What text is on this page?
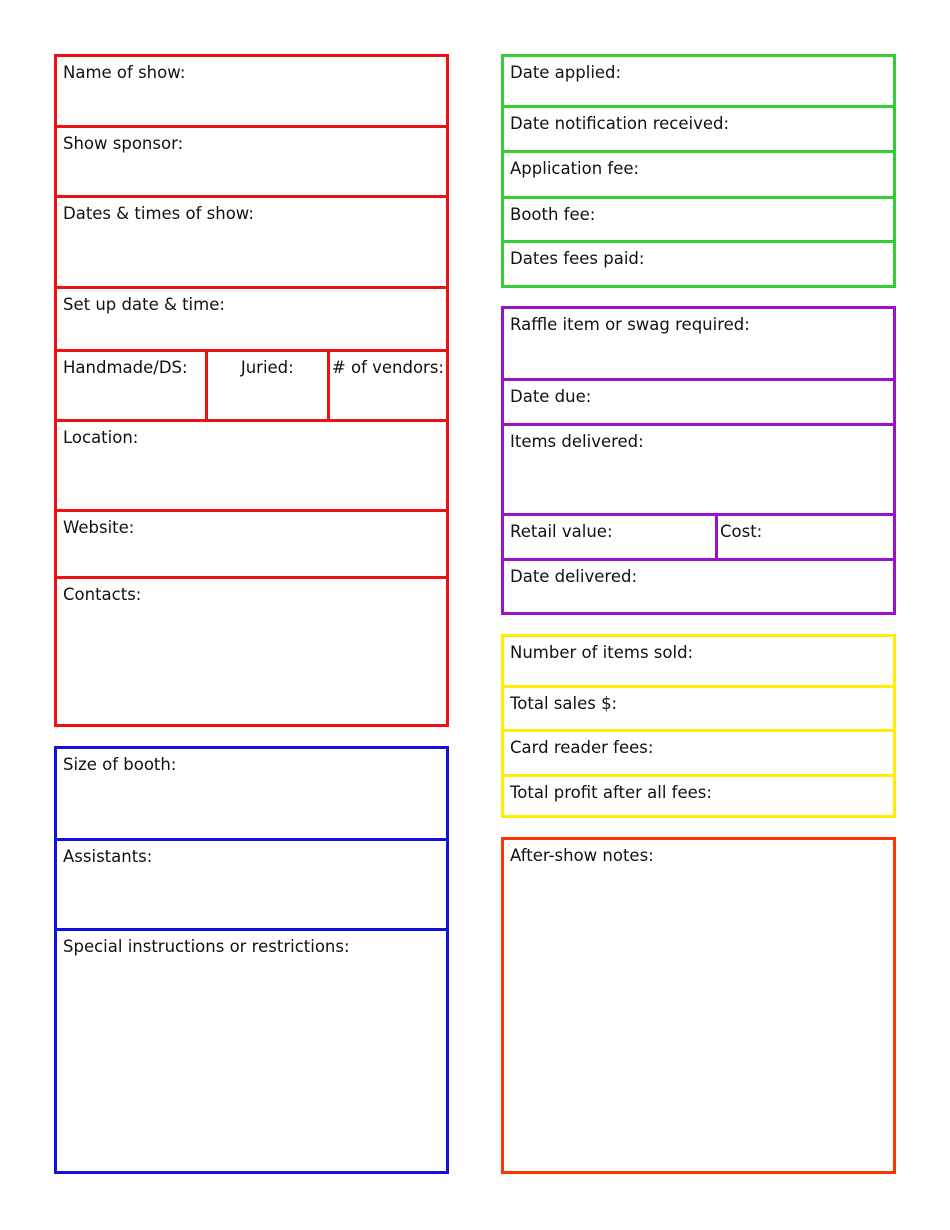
Name of show:
Show sponsor:
Dates & times of show:
Set up date & time:
Handmade/DS:	Juried:	# of vendors:
Location:
Website:
Contacts:
Size of booth:
Assistants:
Special instructions or restrictions:
Date applied:
Date notification received:
Application fee:
Booth fee:
Dates fees paid:
Raffle item or swag required:
Date due:
Items delivered:
Retail value:	Cost:
Date delivered:
Number of items sold:
Total sales $:
Card reader fees:
Total profit after all fees:
After-show notes:
